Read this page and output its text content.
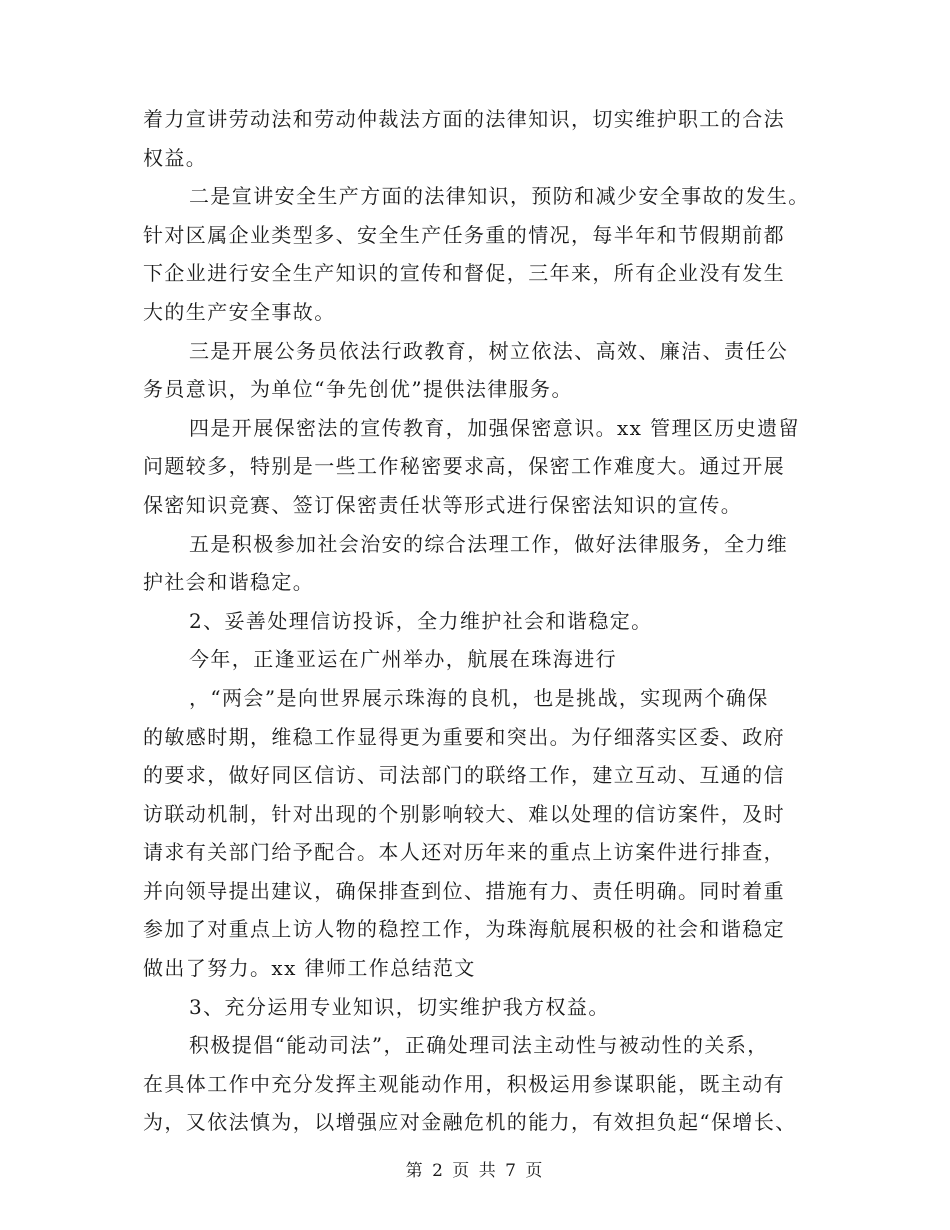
着力宣讲劳动法和劳动仲裁法方面的法律知识，切实维护职工的合法
权益。
二是宣讲安全生产方面的法律知识，预防和减少安全事故的发生。
针对区属企业类型多、安全生产任务重的情况，每半年和节假期前都
下企业进行安全生产知识的宣传和督促，三年来，所有企业没有发生
大的生产安全事故。
三是开展公务员依法行政教育，树立依法、高效、廉洁、责任公
务员意识，为单位“争先创优”提供法律服务。
四是开展保密法的宣传教育，加强保密意识。xx 管理区历史遗留
问题较多，特别是一些工作秘密要求高，保密工作难度大。通过开展
保密知识竞赛、签订保密责任状等形式进行保密法知识的宣传。
五是积极参加社会治安的综合法理工作，做好法律服务，全力维
护社会和谐稳定。
2、妥善处理信访投诉，全力维护社会和谐稳定。
今年，正逢亚运在广州举办，航展在珠海进行
，“两会”是向世界展示珠海的良机，也是挑战，实现两个确保
的敏感时期，维稳工作显得更为重要和突出。为仔细落实区委、政府
的要求，做好同区信访、司法部门的联络工作，建立互动、互通的信
访联动机制，针对出现的个别影响较大、难以处理的信访案件，及时
请求有关部门给予配合。本人还对历年来的重点上访案件进行排查，
并向领导提出建议，确保排查到位、措施有力、责任明确。同时着重
参加了对重点上访人物的稳控工作，为珠海航展积极的社会和谐稳定
做出了努力。xx 律师工作总结范文
3、充分运用专业知识，切实维护我方权益。
积极提倡“能动司法”，正确处理司法主动性与被动性的关系，
在具体工作中充分发挥主观能动作用，积极运用参谋职能，既主动有
为，又依法慎为，以增强应对金融危机的能力，有效担负起“保增长、
第 2 页 共 7 页
